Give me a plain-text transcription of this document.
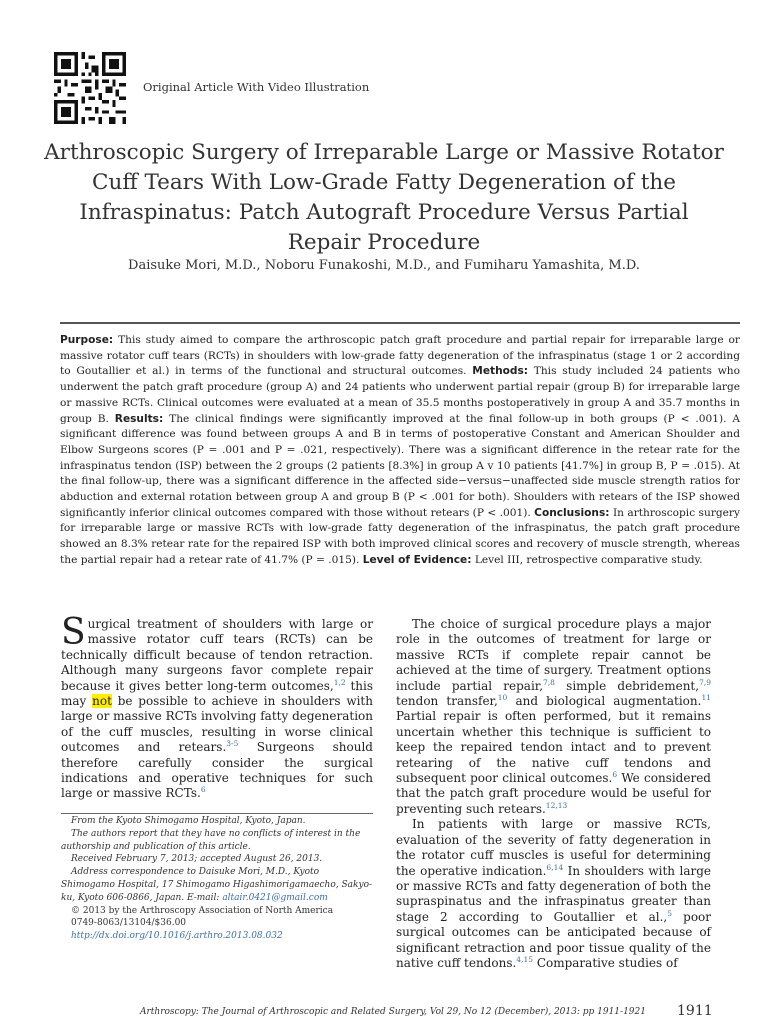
Original Article With Video Illustration
Arthroscopic Surgery of Irreparable Large or Massive Rotator Cuff Tears With Low-Grade Fatty Degeneration of the Infraspinatus: Patch Autograft Procedure Versus Partial Repair Procedure
Daisuke Mori, M.D., Noboru Funakoshi, M.D., and Fumiharu Yamashita, M.D.

Purpose: This study aimed to compare the arthroscopic patch graft procedure and partial repair for irreparable large or massive rotator cuff tears (RCTs) in shoulders with low-grade fatty degeneration of the infraspinatus (stage 1 or 2 according to Goutallier et al.) in terms of the functional and structural outcomes. Methods: This study included 24 patients who underwent the patch graft procedure (group A) and 24 patients who underwent partial repair (group B) for irreparable large or massive RCTs. Clinical outcomes were evaluated at a mean of 35.5 months postoperatively in group A and 35.7 months in group B. Results: The clinical findings were significantly improved at the final follow-up in both groups (P < .001). A significant difference was found between groups A and B in terms of postoperative Constant and American Shoulder and Elbow Surgeons scores (P = .001 and P = .021, respectively). There was a significant difference in the retear rate for the infraspinatus tendon (ISP) between the 2 groups (2 patients [8.3%] in group A v 10 patients [41.7%] in group B, P = .015). At the final follow-up, there was a significant difference in the affected side−versus−unaffected side muscle strength ratios for abduction and external rotation between group A and group B (P < .001 for both). Shoulders with retears of the ISP showed significantly inferior clinical outcomes compared with those without retears (P < .001). Conclusions: In arthroscopic surgery for irreparable large or massive RCTs with low-grade fatty degeneration of the infraspinatus, the patch graft procedure showed an 8.3% retear rate for the repaired ISP with both improved clinical scores and recovery of muscle strength, whereas the partial repair had a retear rate of 41.7% (P = .015). Level of Evidence: Level III, retrospective comparative study.

Surgical treatment of shoulders with large or massive rotator cuff tears (RCTs) can be technically difficult because of tendon retraction. Although many surgeons favor complete repair because it gives better long-term outcomes,$^{1,2}$ this may not be possible to achieve in shoulders with large or massive RCTs involving fatty degeneration of the cuff muscles, resulting in worse clinical outcomes and retears.$^{3-5}$ Surgeons should therefore carefully consider the surgical indications and operative techniques for such large or massive RCTs.$^6$

From the Kyoto Shimogamo Hospital, Kyoto, Japan.

The authors report that they have no conflicts of interest in the authorship and publication of this article.

Received February 7, 2013; accepted August 26, 2013.

Address correspondence to Daisuke Mori, M.D., Kyoto Shimogamo Hospital, 17 Shimogamo Higashimorigamaecho, Sakyo-ku, Kyoto 606-0866, Japan. E-mail: altair.0421@gmail.com

© 2013 by the Arthroscopy Association of North America

0749-8063/13104/$36.00

http://dx.doi.org/10.1016/j.arthro.2013.08.032

The choice of surgical procedure plays a major role in the outcomes of treatment for large or massive RCTs if complete repair cannot be achieved at the time of surgery. Treatment options include partial repair,$^{7,8}$ simple debridement,$^{7,9}$ tendon transfer,$^{10}$ and biological augmentation.$^{11}$ Partial repair is often performed, but it remains uncertain whether this technique is sufficient to keep the repaired tendon intact and to prevent retearing of the native cuff tendons and subsequent poor clinical outcomes.$^6$ We considered that the patch graft procedure would be useful for preventing such retears.$^{12,13}$

In patients with large or massive RCTs, evaluation of the severity of fatty degeneration in the rotator cuff muscles is useful for determining the operative indication.$^{6,14}$ In shoulders with large or massive RCTs and fatty degeneration of both the supraspinatus and the infraspinatus greater than stage 2 according to Goutallier et al.,$^5$ poor surgical outcomes can be anticipated because of significant retraction and poor tissue quality of the native cuff tendons.$^{4,15}$ Comparative studies of

Arthroscopy: The Journal of Arthroscopic and Related Surgery, Vol 29, No 12 (December), 2013: pp 1911-1921 1911
